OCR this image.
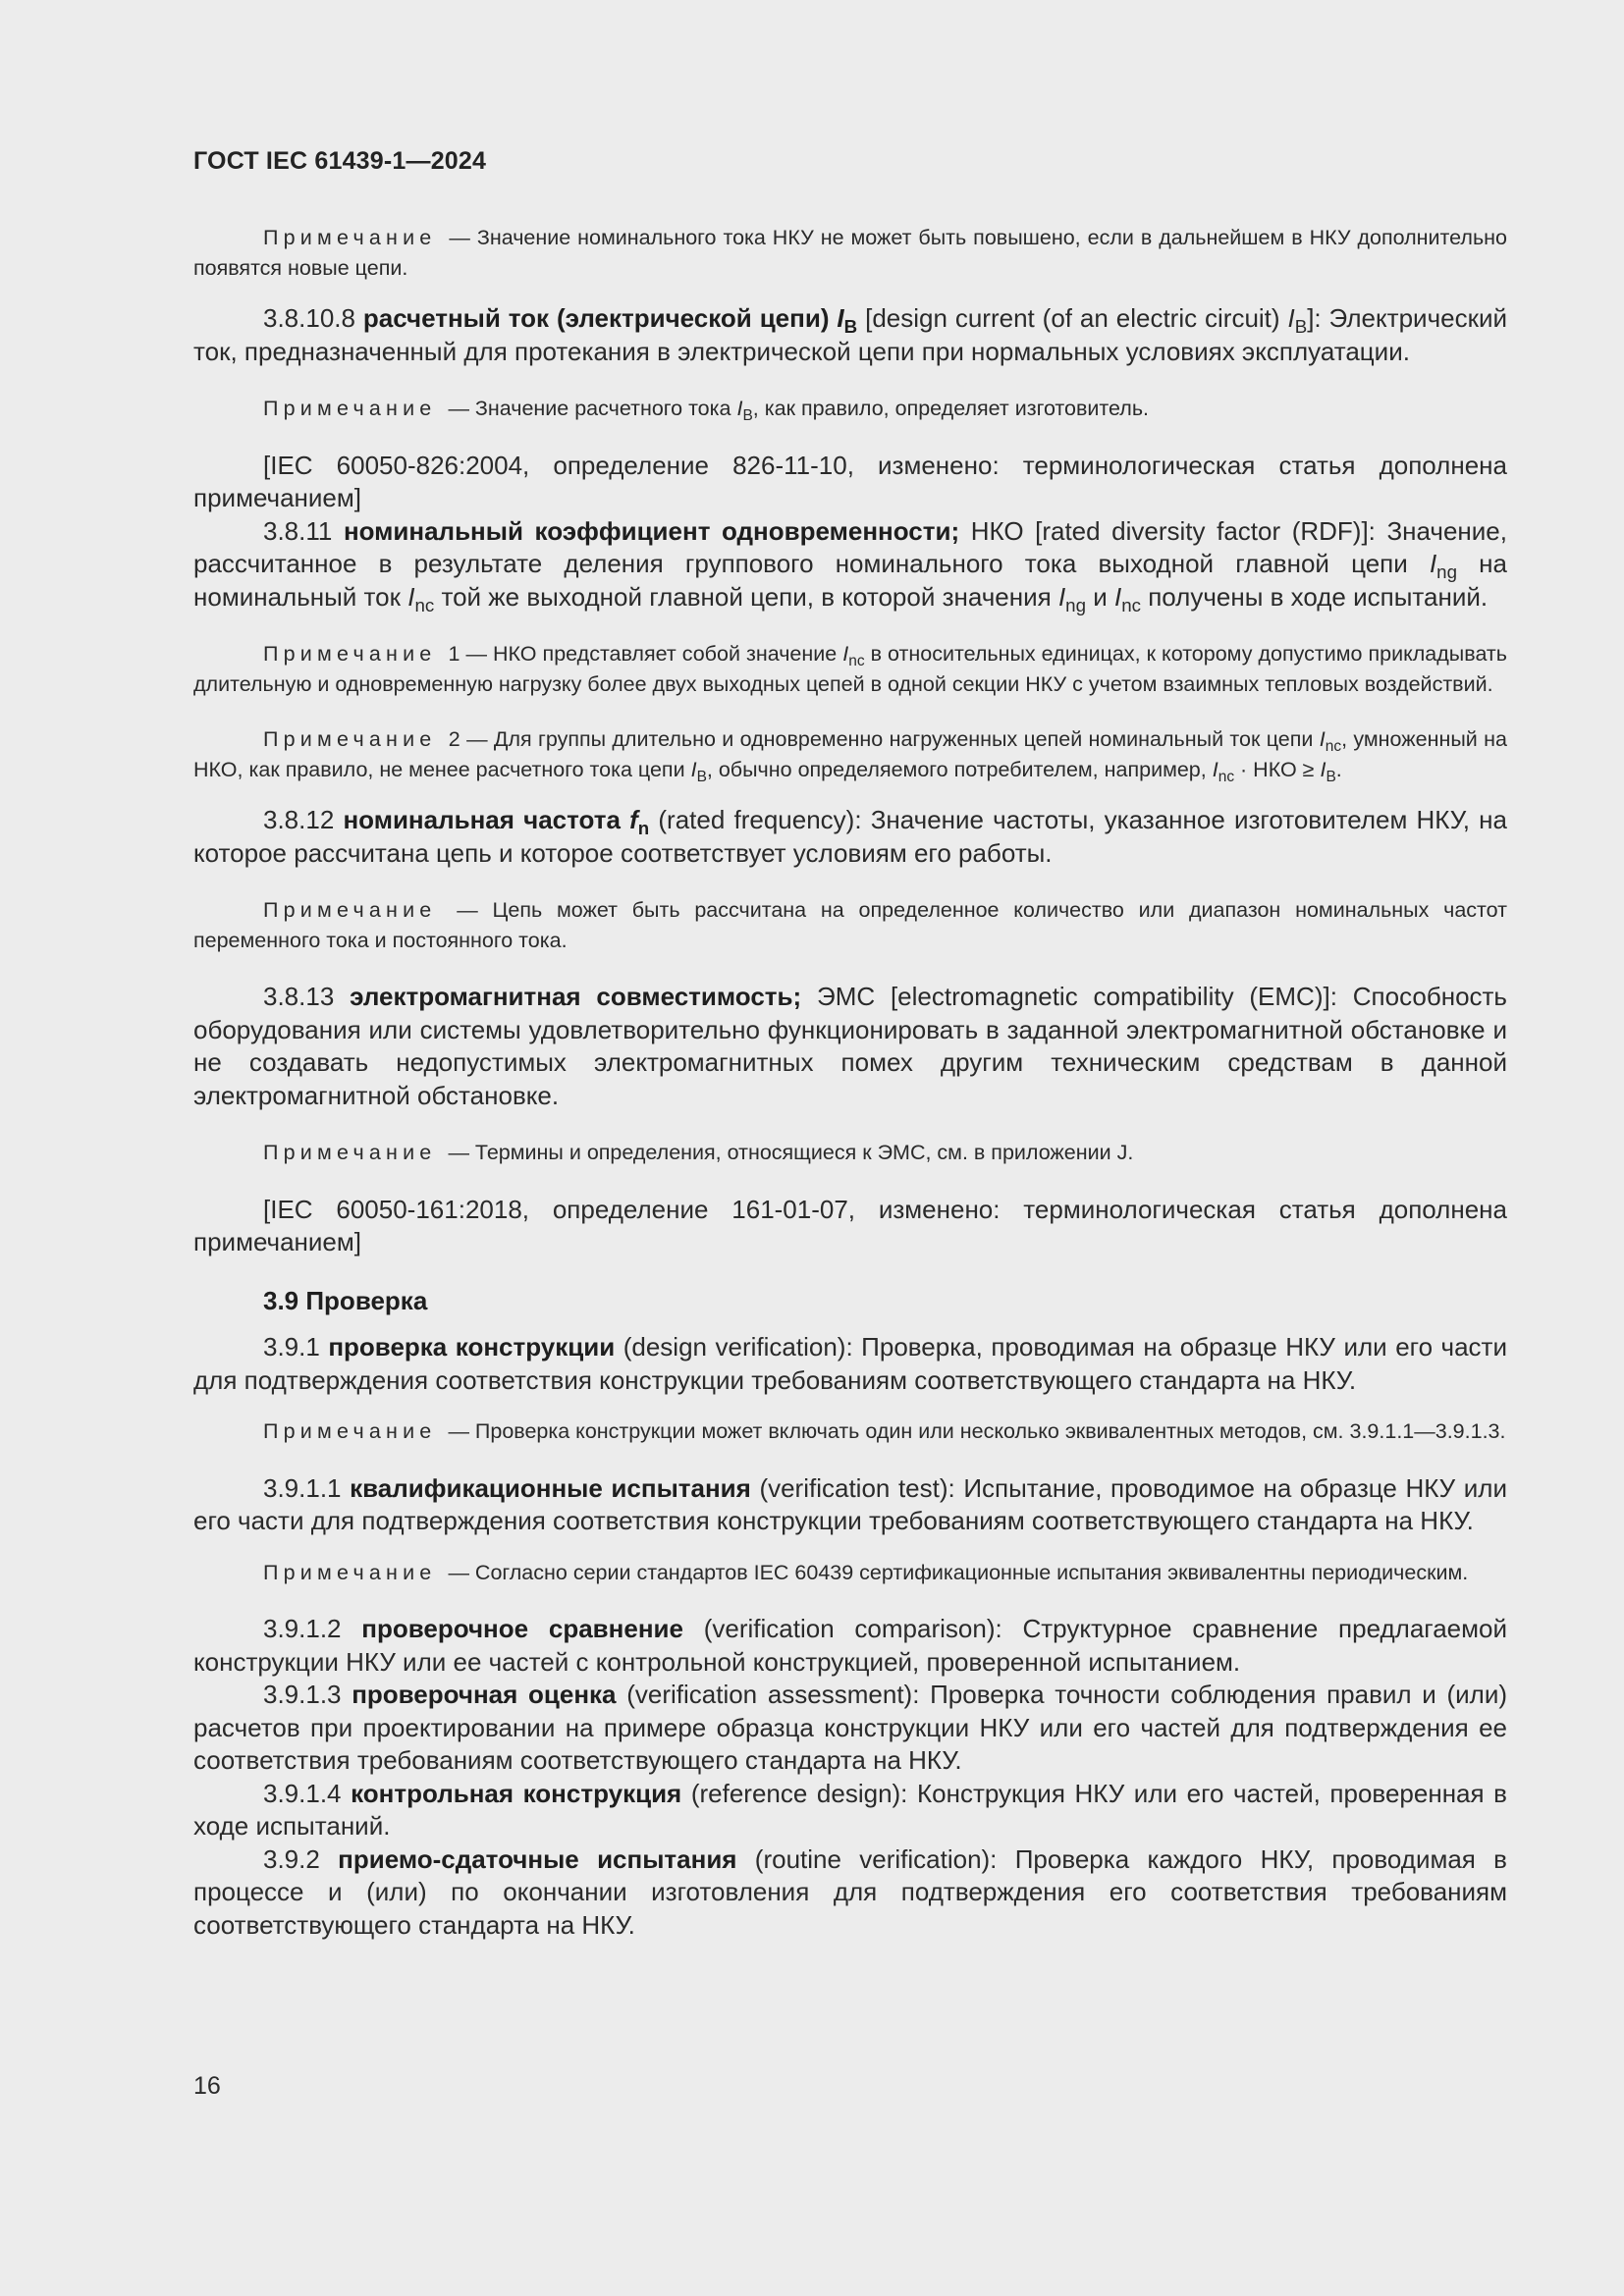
ГОСТ IEC 61439-1—2024

Примечание — Значение номинального тока НКУ не может быть повышено, если в дальнейшем в НКУ дополнительно появятся новые цепи.

3.8.10.8 расчетный ток (электрической цепи) $I_B$ [design current (of an electric circuit) $I_B$]: Электрический ток, предназначенный для протекания в электрической цепи при нормальных условиях эксплуатации.

Примечание — Значение расчетного тока $I_B$, как правило, определяет изготовитель.

[IEC 60050-826:2004, определение 826-11-10, изменено: терминологическая статья дополнена примечанием]

3.8.11 номинальный коэффициент одновременности; НКО [rated diversity factor (RDF)]: Значение, рассчитанное в результате деления группового номинального тока выходной главной цепи $I_{ng}$ на номинальный ток $I_{nc}$ той же выходной главной цепи, в которой значения $I_{ng}$ и $I_{nc}$ получены в ходе испытаний.

Примечание 1 — НКО представляет собой значение $I_{nc}$ в относительных единицах, к которому допустимо прикладывать длительную и одновременную нагрузку более двух выходных цепей в одной секции НКУ с учетом взаимных тепловых воздействий.

Примечание 2 — Для группы длительно и одновременно нагруженных цепей номинальный ток цепи $I_{nc}$, умноженный на НКО, как правило, не менее расчетного тока цепи $I_B$, обычно определяемого потребителем, например, $I_{nc}$ · НКО ≥ $I_B$.

3.8.12 номинальная частота $f_n$ (rated frequency): Значение частоты, указанное изготовителем НКУ, на которое рассчитана цепь и которое соответствует условиям его работы.

Примечание — Цепь может быть рассчитана на определенное количество или диапазон номинальных частот переменного тока и постоянного тока.

3.8.13 электромагнитная совместимость; ЭМС [electromagnetic compatibility (EMC)]: Способность оборудования или системы удовлетворительно функционировать в заданной электромагнитной обстановке и не создавать недопустимых электромагнитных помех другим техническим средствам в данной электромагнитной обстановке.

Примечание — Термины и определения, относящиеся к ЭМС, см. в приложении J.

[IEC 60050-161:2018, определение 161-01-07, изменено: терминологическая статья дополнена примечанием]

3.9 Проверка

3.9.1 проверка конструкции (design verification): Проверка, проводимая на образце НКУ или его части для подтверждения соответствия конструкции требованиям соответствующего стандарта на НКУ.

Примечание — Проверка конструкции может включать один или несколько эквивалентных методов, см. 3.9.1.1—3.9.1.3.

3.9.1.1 квалификационные испытания (verification test): Испытание, проводимое на образце НКУ или его части для подтверждения соответствия конструкции требованиям соответствующего стандарта на НКУ.

Примечание — Согласно серии стандартов IEC 60439 сертификационные испытания эквивалентны периодическим.

3.9.1.2 проверочное сравнение (verification comparison): Структурное сравнение предлагаемой конструкции НКУ или ее частей с контрольной конструкцией, проверенной испытанием.

3.9.1.3 проверочная оценка (verification assessment): Проверка точности соблюдения правил и (или) расчетов при проектировании на примере образца конструкции НКУ или его частей для подтверждения ее соответствия требованиям соответствующего стандарта на НКУ.

3.9.1.4 контрольная конструкция (reference design): Конструкция НКУ или его частей, проверенная в ходе испытаний.

3.9.2 приемо-сдаточные испытания (routine verification): Проверка каждого НКУ, проводимая в процессе и (или) по окончании изготовления для подтверждения его соответствия требованиям соответствующего стандарта на НКУ.

16
